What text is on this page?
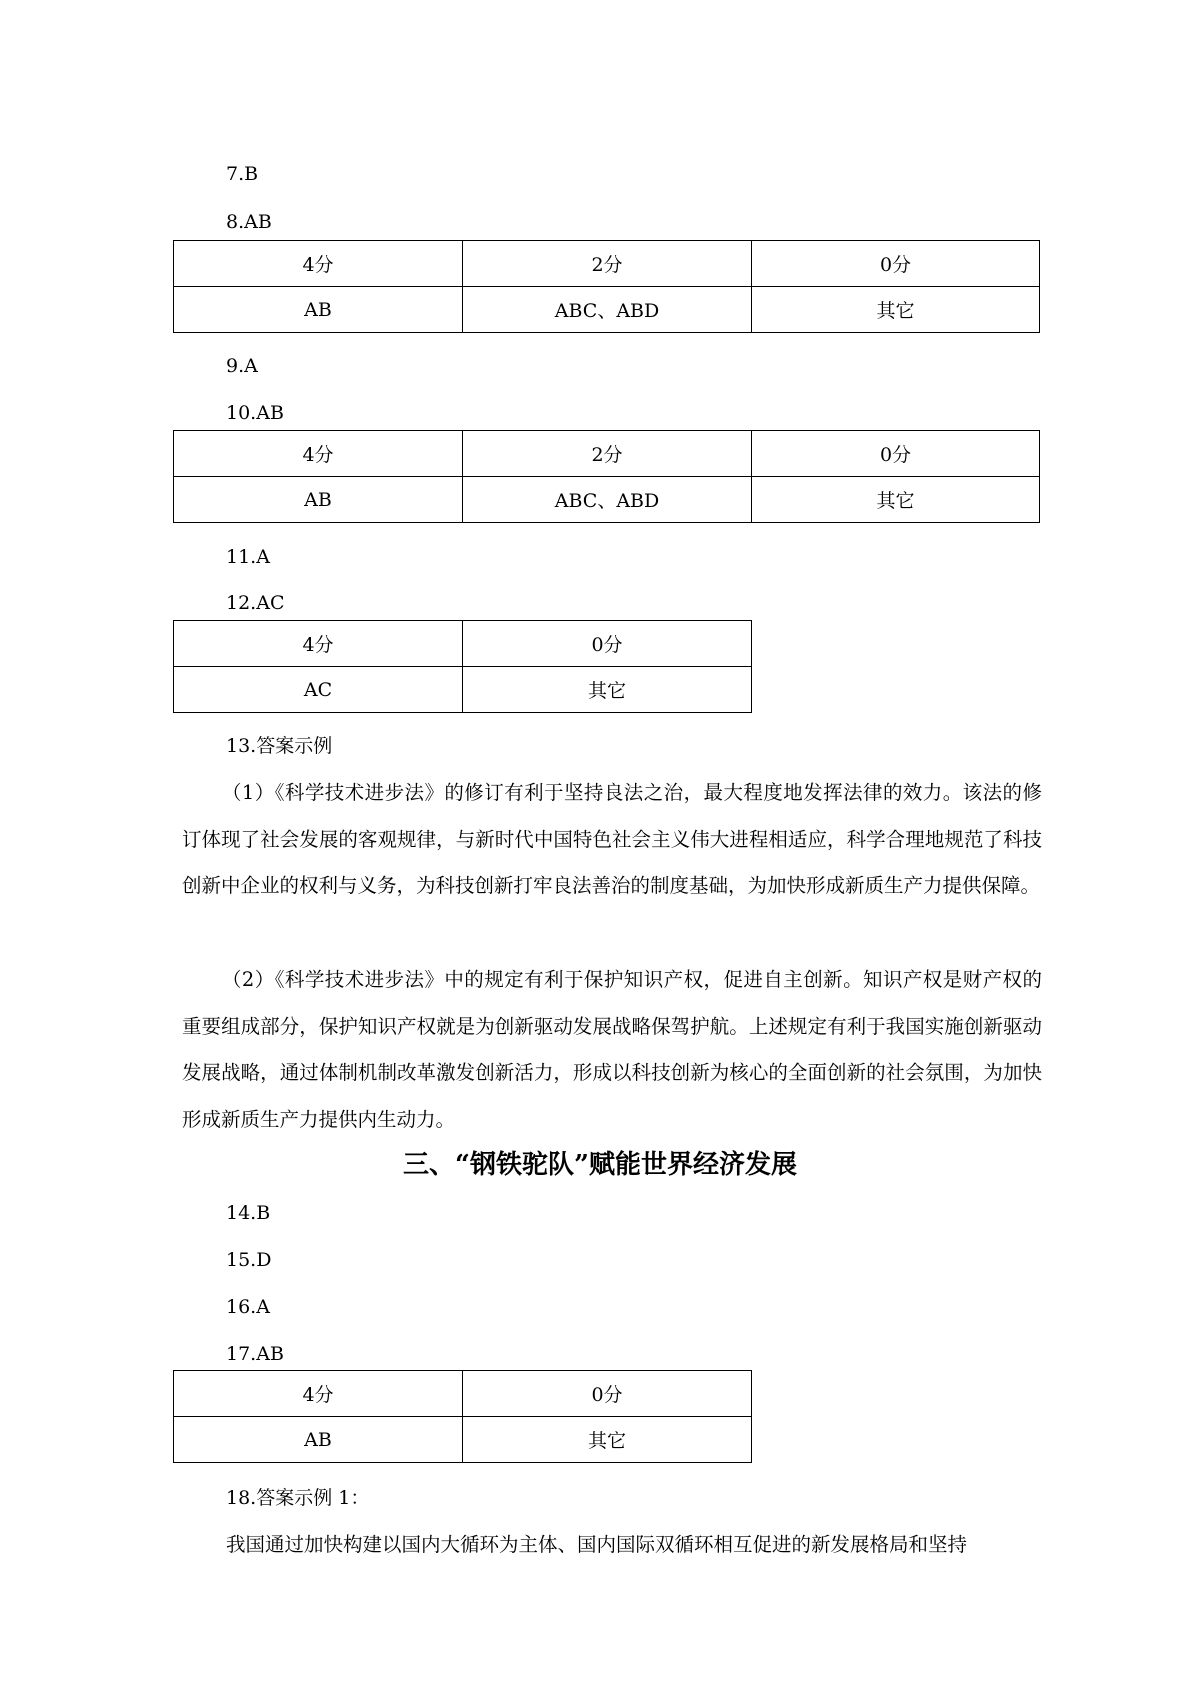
7.B
8.AB
4分	2分	0分
AB	ABC、ABD	其它
9.A
10.AB
4分	2分	0分
AB	ABC、ABD	其它
11.A
12.AC
4分	0分
AC	其它
13.答案示例

（1）《科学技术进步法》的修订有利于坚持良法之治，最大程度地发挥法律的效力。该法的修订体现了社会发展的客观规律，与新时代中国特色社会主义伟大进程相适应，科学合理地规范了科技创新中企业的权利与义务，为科技创新打牢良法善治的制度基础，为加快形成新质生产力提供保障。

（2）《科学技术进步法》中的规定有利于保护知识产权，促进自主创新。知识产权是财产权的重要组成部分，保护知识产权就是为创新驱动发展战略保驾护航。上述规定有利于我国实施创新驱动发展战略，通过体制机制改革激发创新活力，形成以科技创新为核心的全面创新的社会氛围，为加快形成新质生产力提供内生动力。

三、“钢铁驼队”赋能世界经济发展
14.B
15.D
16.A
17.AB
4分	0分
AB	其它
18.答案示例 1：
我国通过加快构建以国内大循环为主体、国内国际双循环相互促进的新发展格局和坚持
